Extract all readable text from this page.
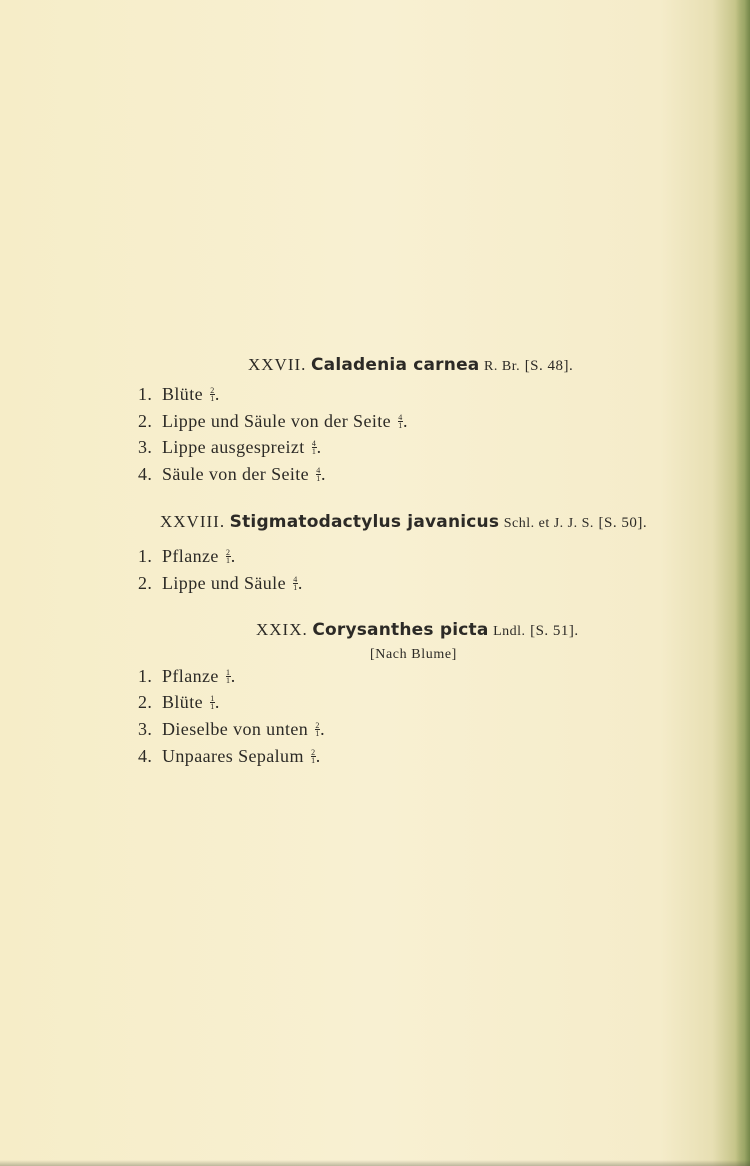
XXVII. Caladenia carnea R. Br. [S. 48].
1. Blüte $\frac{2}{1}$ .
2. Lippe und Säule von der Seite $\frac{4}{1}$ .
3. Lippe ausgespreizt $\frac{4}{1}$ .
4. Säule von der Seite $\frac{4}{1}$ .
XXVIII. Stigmatodactylus javanicus Schl. et J. J. S. [S. 50].
1. Pflanze $\frac{2}{1}$ .
2. Lippe und Säule $\frac{4}{1}$ .
XXIX. Corysanthes picta Lndl. [S. 51].
[Nach Blume]
1. Pflanze $\frac{1}{1}$ .
2. Blüte $\frac{1}{1}$ .
3. Dieselbe von unten $\frac{2}{1}$ .
4. Unpaares Sepalum $\frac{2}{1}$ .
